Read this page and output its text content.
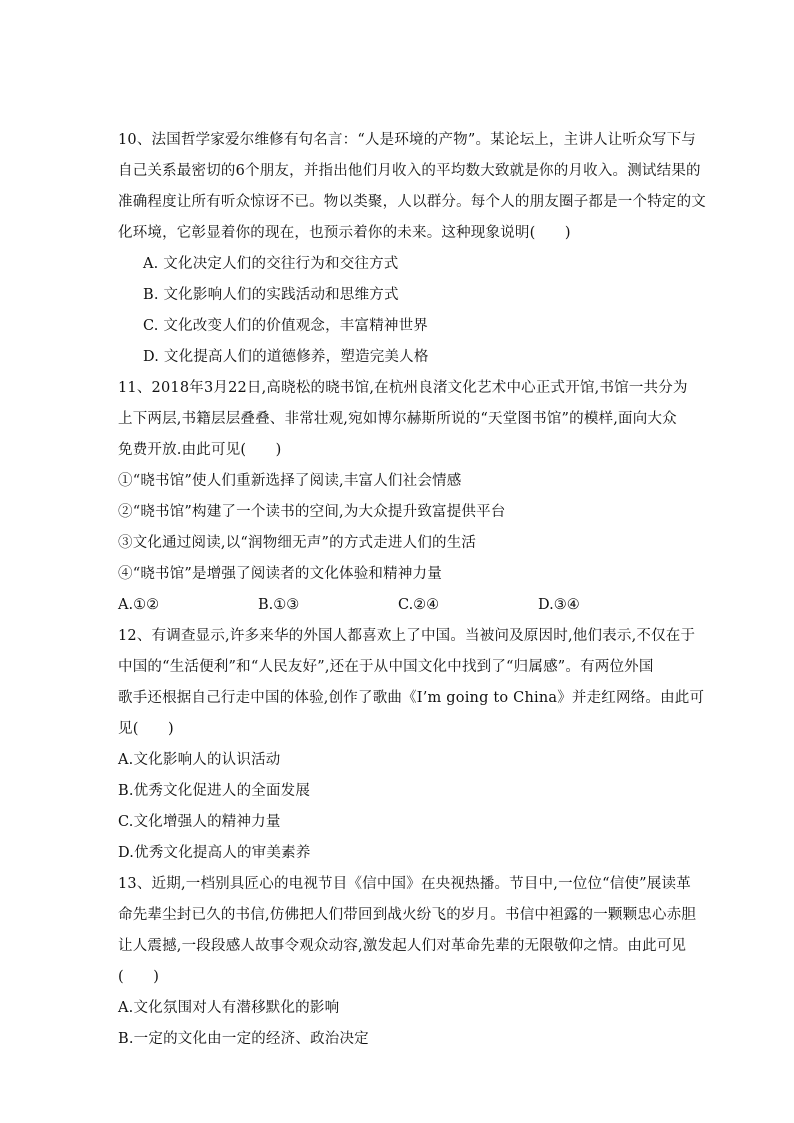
10、法国哲学家爱尔维修有句名言：“人是环境的产物”。某论坛上，主讲人让听众写下与
自己关系最密切的6个朋友，并指出他们月收入的平均数大致就是你的月收入。测试结果的
准确程度让所有听众惊讶不已。物以类聚，人以群分。每个人的朋友圈子都是一个特定的文
化环境，它彰显着你的现在，也预示着你的未来。这种现象说明(　　)
A. 文化决定人们的交往行为和交往方式
B. 文化影响人们的实践活动和思维方式
C. 文化改变人们的价值观念，丰富精神世界
D. 文化提高人们的道德修养，塑造完美人格
11、2018年3月22日,高晓松的晓书馆,在杭州良渚文化艺术中心正式开馆,书馆一共分为
上下两层,书籍层层叠叠、非常壮观,宛如博尔赫斯所说的“天堂图书馆”的模样,面向大众
免费开放.由此可见(　　)
①“晓书馆”使人们重新选择了阅读,丰富人们社会情感
②“晓书馆”构建了一个读书的空间,为大众提升致富提供平台
③文化通过阅读,以“润物细无声”的方式走进人们的生活
④“晓书馆”是增强了阅读者的文化体验和精神力量
A.①②	B.①③	C.②④	D.③④
12、有调查显示,许多来华的外国人都喜欢上了中国。当被问及原因时,他们表示,不仅在于
中国的“生活便利”和“人民友好”,还在于从中国文化中找到了“归属感”。有两位外国
歌手还根据自己行走中国的体验,创作了歌曲《I’m going to China》并走红网络。由此可
见(　　)
A.文化影响人的认识活动
B.优秀文化促进人的全面发展
C.文化增强人的精神力量
D.优秀文化提高人的审美素养
13、近期,一档别具匠心的电视节目《信中国》在央视热播。节目中,一位位“信使”展读革
命先辈尘封已久的书信,仿佛把人们带回到战火纷飞的岁月。书信中袒露的一颗颗忠心赤胆
让人震撼,一段段感人故事令观众动容,激发起人们对革命先辈的无限敬仰之情。由此可见
(　　)
A.文化氛围对人有潜移默化的影响
B.一定的文化由一定的经济、政治决定
